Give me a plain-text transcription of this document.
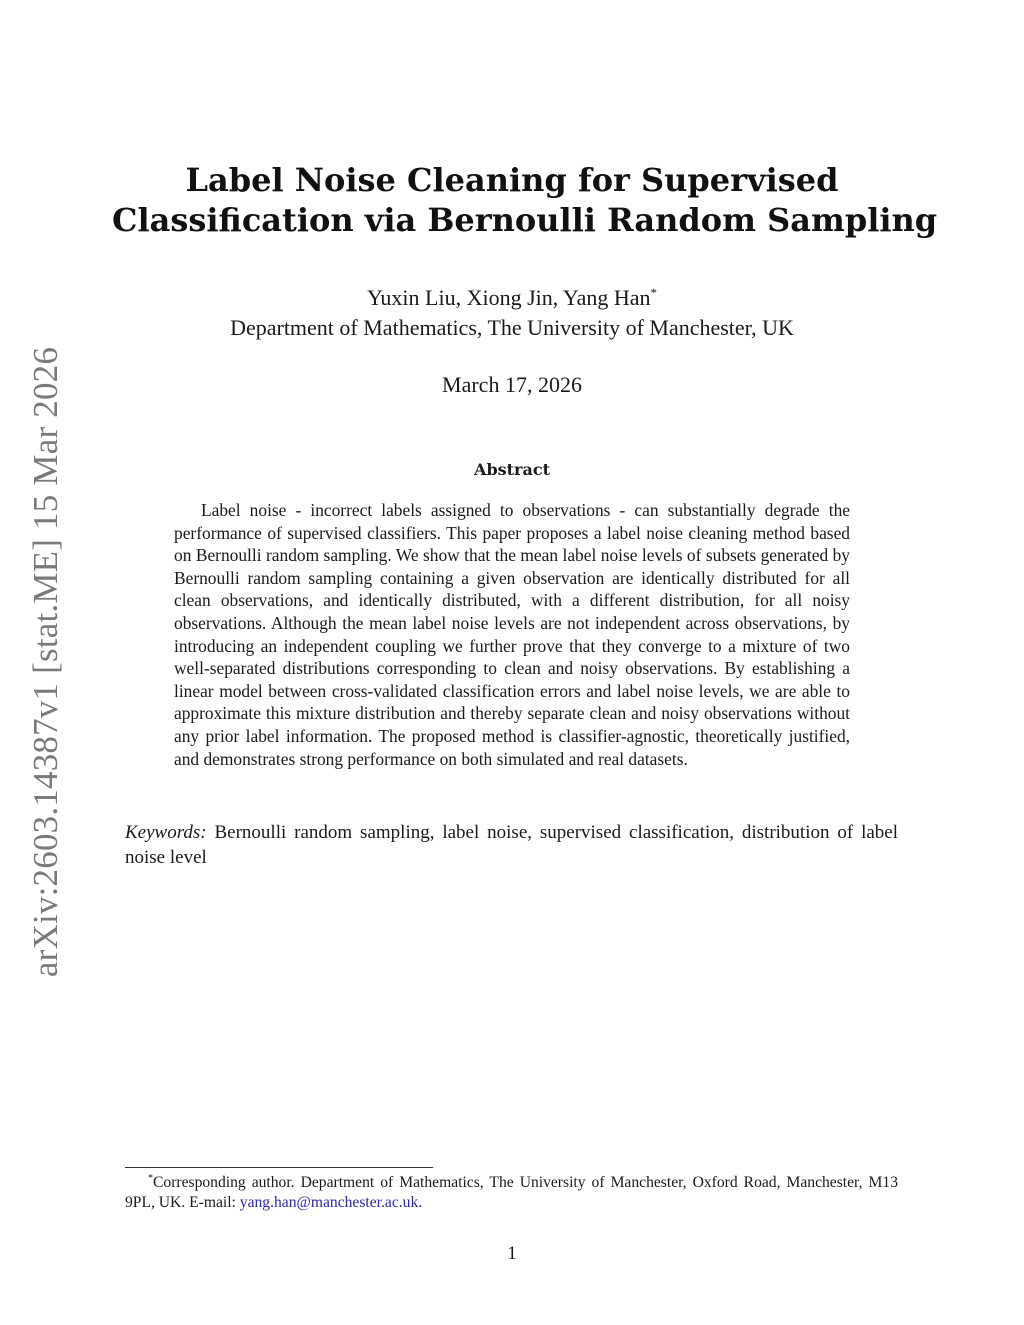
arXiv:2603.14387v1 [stat.ME] 15 Mar 2026
Label Noise Cleaning for Supervised
Classification via Bernoulli Random Sampling
Yuxin Liu, Xiong Jin, Yang Han*
Department of Mathematics, The University of Manchester, UK
March 17, 2026
Abstract

Label noise - incorrect labels assigned to observations - can substantially degrade the performance of supervised classifiers. This paper proposes a label noise cleaning method based on Bernoulli random sampling. We show that the mean label noise levels of subsets generated by Bernoulli random sampling containing a given observation are identically distributed for all clean observations, and identically distributed, with a different distribution, for all noisy observations. Although the mean label noise levels are not independent across observations, by introducing an independent coupling we further prove that they converge to a mixture of two well-separated distributions corresponding to clean and noisy observations. By establishing a linear model between cross-validated classification errors and label noise levels, we are able to approximate this mixture distribution and thereby separate clean and noisy observations without any prior label information. The proposed method is classifier-agnostic, theoretically justified, and demonstrates strong performance on both simulated and real datasets.

Keywords: Bernoulli random sampling, label noise, supervised classification, distribution of label noise level

*Corresponding author. Department of Mathematics, The University of Manchester, Oxford Road, Manchester, M13 9PL, UK. E-mail: yang.han@manchester.ac.uk.

1
